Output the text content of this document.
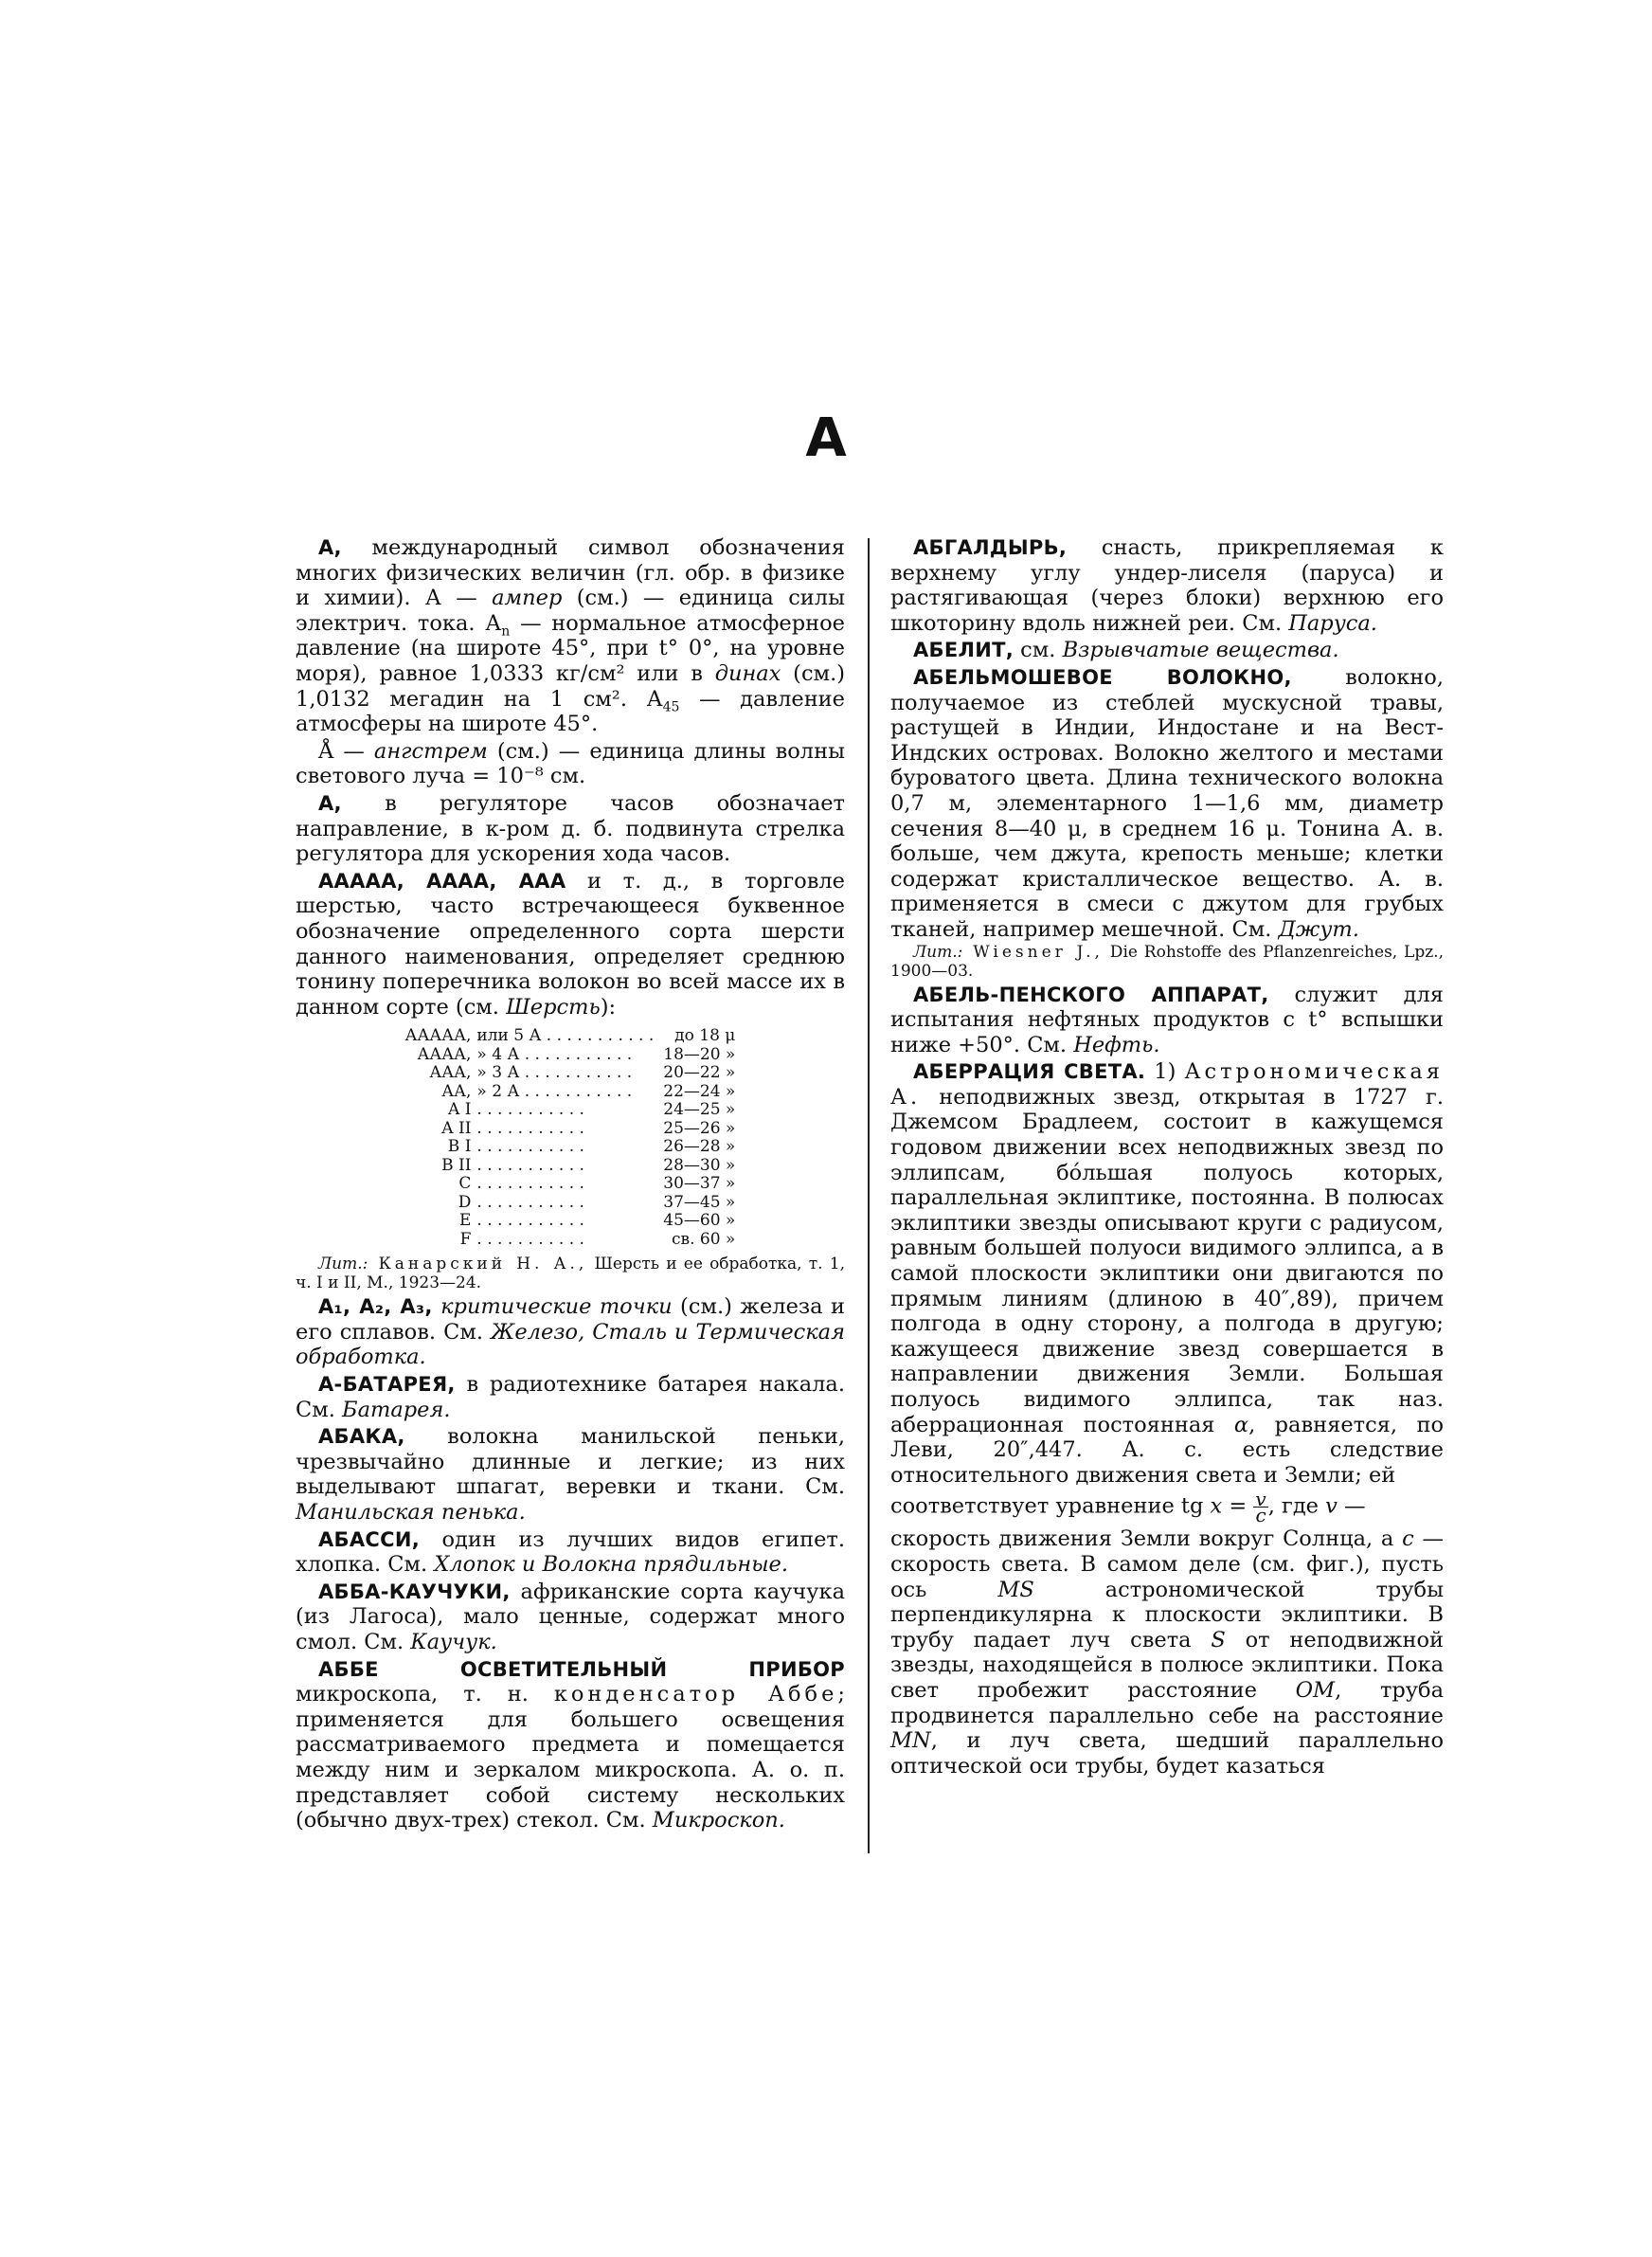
А

А, международный символ обозначения многих физических величин (гл. обр. в физике и химии). А — ампер (см.) — единица силы электрич. тока. $А_n$ — нормальное атмосферное давление (на широте 45°, при t° 0°, на уровне моря), равное 1,0333 кг/см² или в динах (см.) 1,0132 мегадин на 1 см². $А_{45}$ — давление атмосферы на широте 45°.

Å — ангстрем (см.) — единица длины волны светового луча = 10⁻⁸ см.

А, в регуляторе часов обозначает направление, в к-ром д. б. подвинута стрелка регулятора для ускорения хода часов.

ААААА, АААА, ААА и т. д., в торговле шерстью, часто встречающееся буквенное обозначение определенного сорта шерсти данного наименования, определяет среднюю тонину поперечника волокон во всей массе их в данном сорте (см. Шерсть):

ААААА,	или 5 А . . . . . . . . . . .	до 18 μ
АААА,	» 4 А . . . . . . . . . . .	18—20 »
ААА,	» 3 А . . . . . . . . . . .	20—22 »
АА,	» 2 А . . . . . . . . . . .	22—24 »
A I	. . . . . . . . . . .	24—25 »
A II	. . . . . . . . . . .	25—26 »
B I	. . . . . . . . . . .	26—28 »
B II	. . . . . . . . . . .	28—30 »
C	. . . . . . . . . . .	30—37 »
D	. . . . . . . . . . .	37—45 »
E	. . . . . . . . . . .	45—60 »
F	. . . . . . . . . . .	св. 60 »

Лит.: Канарский Н. А., Шерсть и ее обработка, т. 1, ч. I и II, М., 1923—24.

А₁, А₂, А₃, критические точки (см.) железа и его сплавов. См. Железо, Сталь и Термическая обработка.

А-БАТАРЕЯ, в радиотехнике батарея накала. См. Батарея.

АБАКА, волокна манильской пеньки, чрезвычайно длинные и легкие; из них выделывают шпагат, веревки и ткани. См. Манильская пенька.

АБАССИ, один из лучших видов египет. хлопка. См. Хлопок и Волокна прядильные.

АББА-КАУЧУКИ, африканские сорта каучука (из Лагоса), мало ценные, содержат много смол. См. Каучук.

АББЕ ОСВЕТИТЕЛЬНЫЙ ПРИБОР микроскопа, т. н. конденсатор Аббе; применяется для большего освещения рассматриваемого предмета и помещается между ним и зеркалом микроскопа. А. о. п. представляет собой систему нескольких (обычно двух-трех) стекол. См. Микроскоп.

АБГАЛДЫРЬ, снасть, прикрепляемая к верхнему углу ундер-лиселя (паруса) и растягивающая (через блоки) верхнюю его шкоторину вдоль нижней реи. См. Паруса.

АБЕЛИТ, см. Взрывчатые вещества.

АБЕЛЬМОШЕВОЕ ВОЛОКНО, волокно, получаемое из стеблей мускусной травы, растущей в Индии, Индостане и на Вест-Индских островах. Волокно желтого и местами буроватого цвета. Длина технического волокна 0,7 м, элементарного 1—1,6 мм, диаметр сечения 8—40 μ, в среднем 16 μ. Тонина А. в. больше, чем джута, крепость меньше; клетки содержат кристаллическое вещество. А. в. применяется в смеси с джутом для грубых тканей, например мешечной. См. Джут.

Лит.: Wiesner J., Die Rohstoffe des Pflanzenreiches, Lpz., 1900—03.

АБЕЛЬ-ПЕНСКОГО АППАРАТ, служит для испытания нефтяных продуктов с t° вспышки ниже +50°. См. Нефть.

АБЕРРАЦИЯ СВЕТА. 1) Астрономическая А. неподвижных звезд, открытая в 1727 г. Джемсом Брадлеем, состоит в кажущемся годовом движении всех неподвижных звезд по эллипсам, бо́льшая полуось которых, параллельная эклиптике, постоянна. В полюсах эклиптики звезды описывают круги с радиусом, равным большей полуоси видимого эллипса, а в самой плоскости эклиптики они двигаются по прямым линиям (длиною в 40″,89), причем полгода в одну сторону, а полгода в другую; кажущееся движение звезд совершается в направлении движения Земли. Большая полуось видимого эллипса, так наз. аберрационная постоянная α, равняется, по Леви, 20″,447. А. с. есть следствие относительного движения света и Земли; ей

соответствует уравнение tg $x = \frac{v}{c}$ , где v —

скорость движения Земли вокруг Солнца, а c — скорость света. В самом деле (см. фиг.), пусть ось MS астрономической трубы перпендикулярна к плоскости эклиптики. В трубу падает луч света S от неподвижной звезды, находящейся в полюсе эклиптики. Пока свет пробежит расстояние OM, труба продвинется параллельно себе на расстояние MN, и луч света, шедший параллельно оптической оси трубы, будет казаться
